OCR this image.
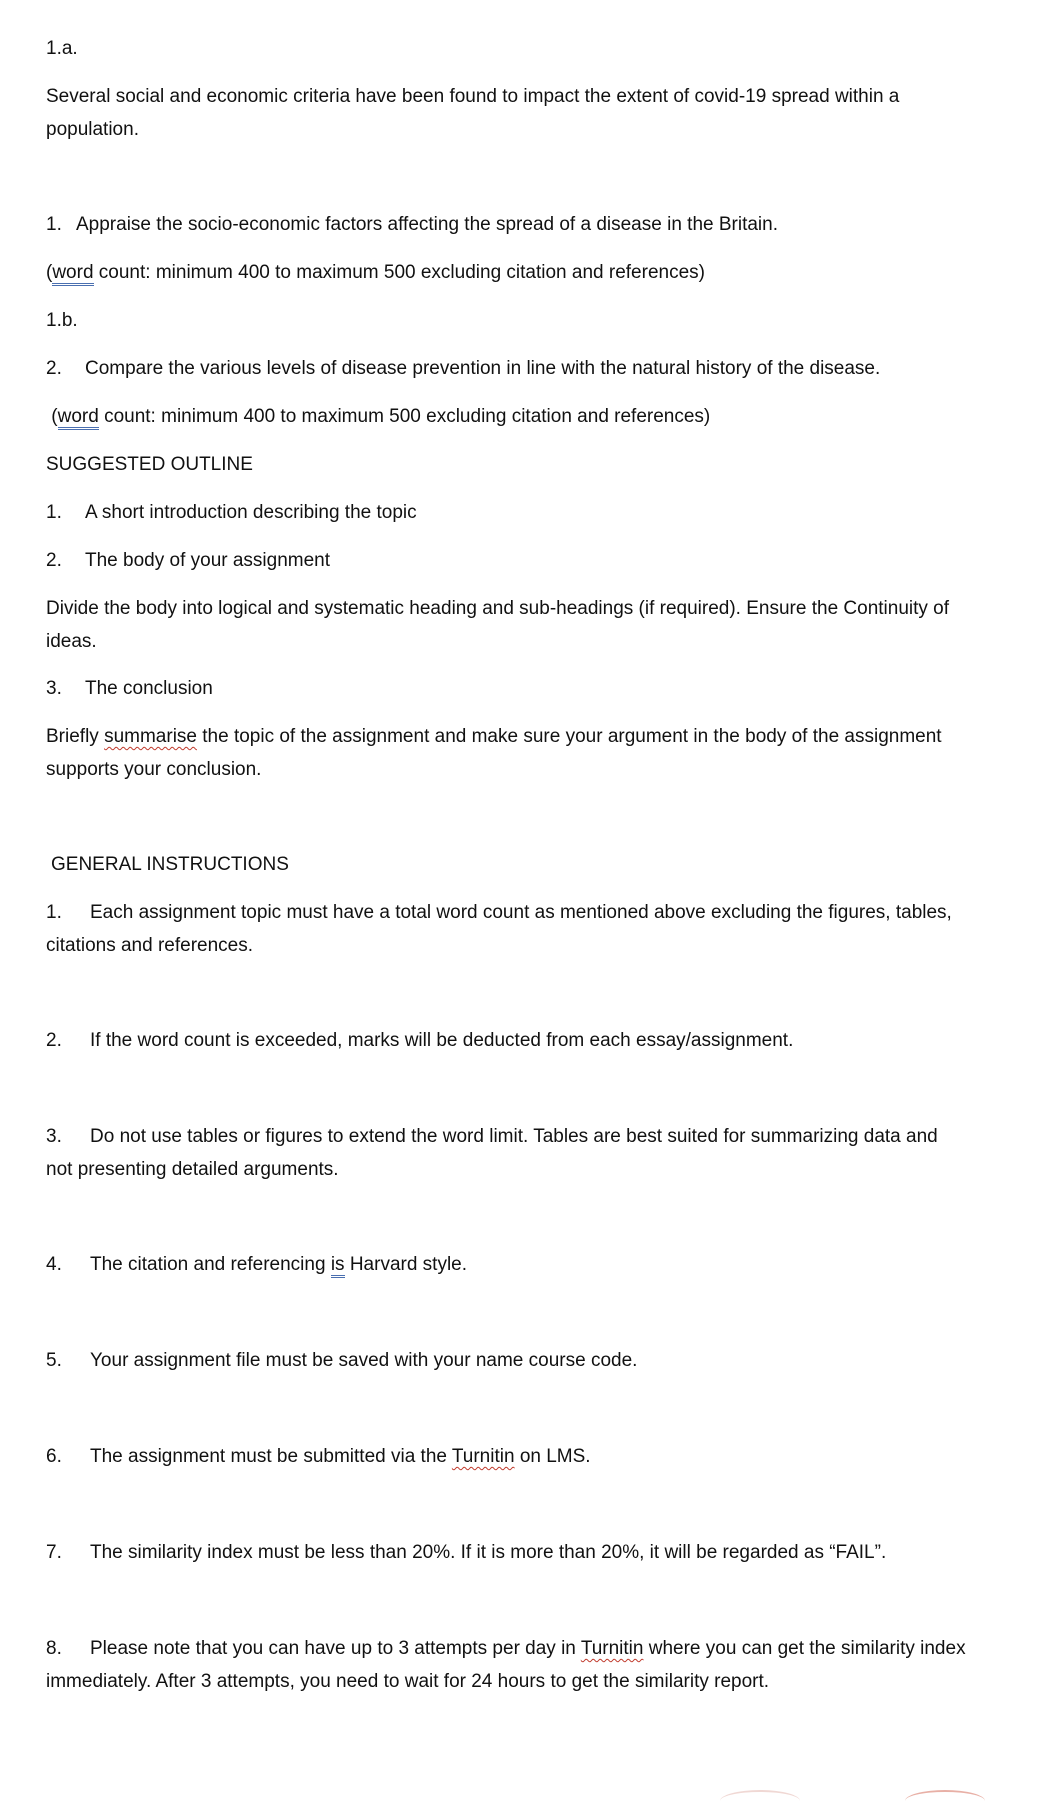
1.a.

Several social and economic criteria have been found to impact the extent of covid-19 spread within a population.

1. Appraise the socio-economic factors affecting the spread of a disease in the Britain.

(word count: minimum 400 to maximum 500 excluding citation and references)

1.b.

2. Compare the various levels of disease prevention in line with the natural history of the disease.

(word count: minimum 400 to maximum 500 excluding citation and references)

SUGGESTED OUTLINE

1. A short introduction describing the topic

2. The body of your assignment

Divide the body into logical and systematic heading and sub-headings (if required). Ensure the Continuity of ideas.

3. The conclusion

Briefly summarise the topic of the assignment and make sure your argument in the body of the assignment supports your conclusion.

GENERAL INSTRUCTIONS

1. Each assignment topic must have a total word count as mentioned above excluding the figures, tables, citations and references.

2. If the word count is exceeded, marks will be deducted from each essay/assignment.

3. Do not use tables or figures to extend the word limit. Tables are best suited for summarizing data and not presenting detailed arguments.

4. The citation and referencing is Harvard style.

5. Your assignment file must be saved with your name course code.

6. The assignment must be submitted via the Turnitin on LMS.

7. The similarity index must be less than 20%. If it is more than 20%, it will be regarded as “FAIL”.

8. Please note that you can have up to 3 attempts per day in Turnitin where you can get the similarity index immediately. After 3 attempts, you need to wait for 24 hours to get the similarity report.
